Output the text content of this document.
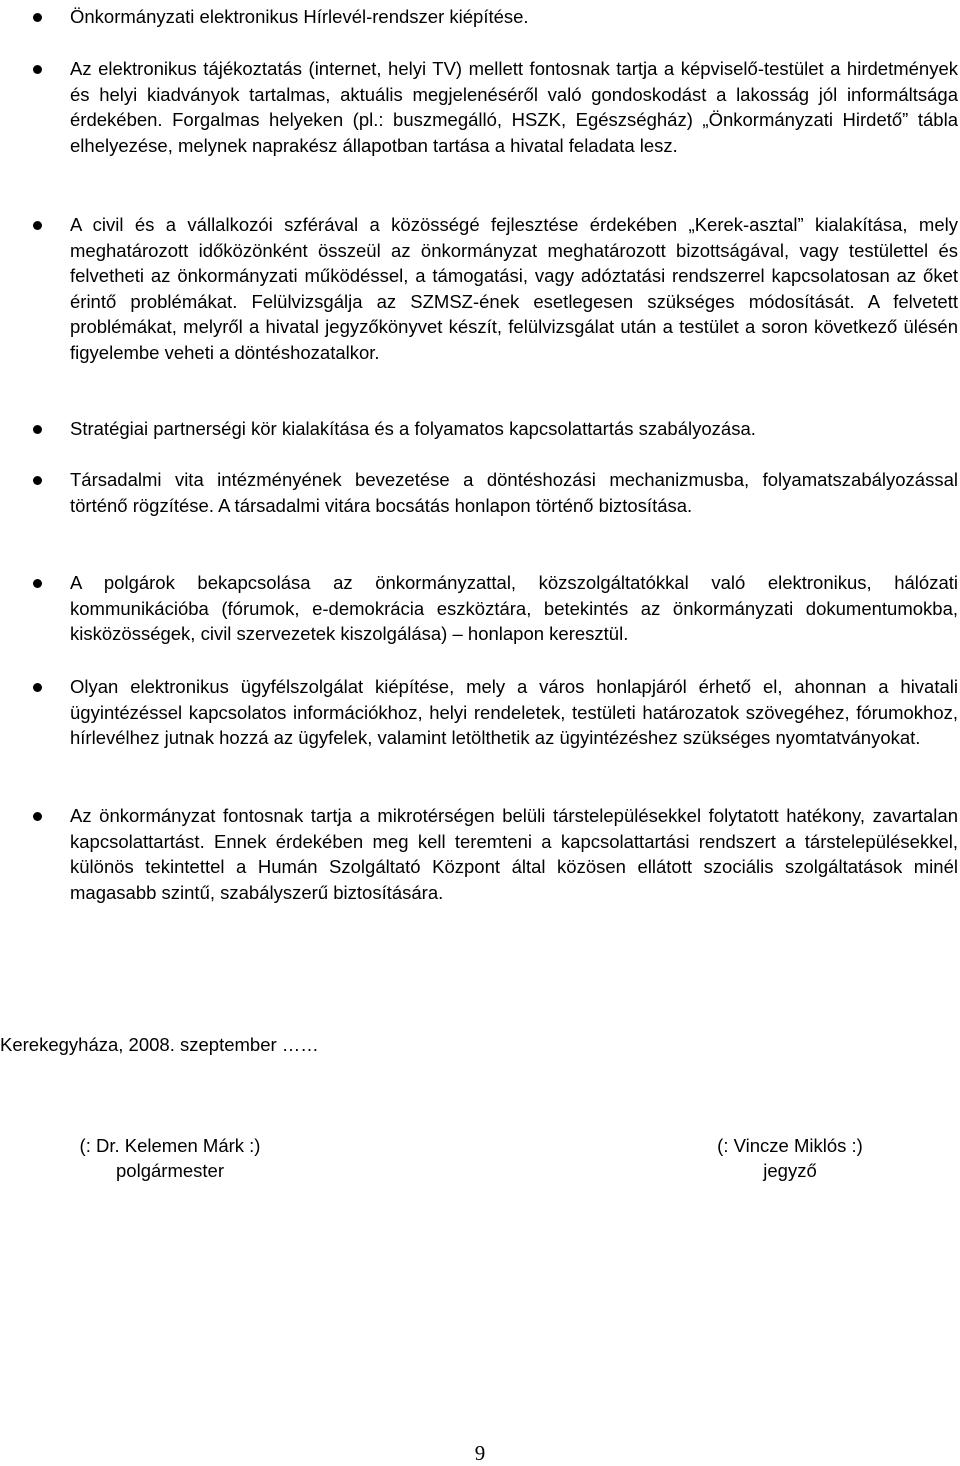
Önkormányzati elektronikus Hírlevél-rendszer kiépítése.

Az elektronikus tájékoztatás (internet, helyi TV) mellett fontosnak tartja a képviselő-testület a hirdetmények és helyi kiadványok tartalmas, aktuális megjelenéséről való gondoskodást a lakosság jól informáltsága érdekében. Forgalmas helyeken (pl.: buszmegálló, HSZK, Egészségház) „Önkormányzati Hirdető” tábla elhelyezése, melynek naprakész állapotban tartása a hivatal feladata lesz.

A civil és a vállalkozói szférával a közösségé fejlesztése érdekében „Kerek-asztal” kialakítása, mely meghatározott időközönként összeül az önkormányzat meghatározott bizottságával, vagy testülettel és felvetheti az önkormányzati működéssel, a támogatási, vagy adóztatási rendszerrel kapcsolatosan az őket érintő problémákat. Felülvizsgálja az SZMSZ-ének esetlegesen szükséges módosítását. A felvetett problémákat, melyről a hivatal jegyzőkönyvet készít, felülvizsgálat után a testület a soron következő ülésén figyelembe veheti a döntéshozatalkor.

Stratégiai partnerségi kör kialakítása és a folyamatos kapcsolattartás szabályozása.

Társadalmi vita intézményének bevezetése a döntéshozási mechanizmusba, folyamatszabályozással történő rögzítése. A társadalmi vitára bocsátás honlapon történő biztosítása.

A polgárok bekapcsolása az önkormányzattal, közszolgáltatókkal való elektronikus, hálózati kommunikációba (fórumok, e-demokrácia eszköztára, betekintés az önkormányzati dokumentumokba, kisközösségek, civil szervezetek kiszolgálása) – honlapon keresztül.

Olyan elektronikus ügyfélszolgálat kiépítése, mely a város honlapjáról érhető el, ahonnan a hivatali ügyintézéssel kapcsolatos információkhoz, helyi rendeletek, testületi határozatok szövegéhez, fórumokhoz, hírlevélhez jutnak hozzá az ügyfelek, valamint letölthetik az ügyintézéshez szükséges nyomtatványokat.

Az önkormányzat fontosnak tartja a mikrotérségen belüli társtelepülésekkel folytatott hatékony, zavartalan kapcsolattartást. Ennek érdekében meg kell teremteni a kapcsolattartási rendszert a társtelepülésekkel, különös tekintettel a Humán Szolgáltató Központ által közösen ellátott szociális szolgáltatások minél magasabb szintű, szabályszerű biztosítására.

Kerekegyháza, 2008. szeptember ……

(: Dr. Kelemen Márk :)
polgármester
(: Vincze Miklós :)
jegyző
9
